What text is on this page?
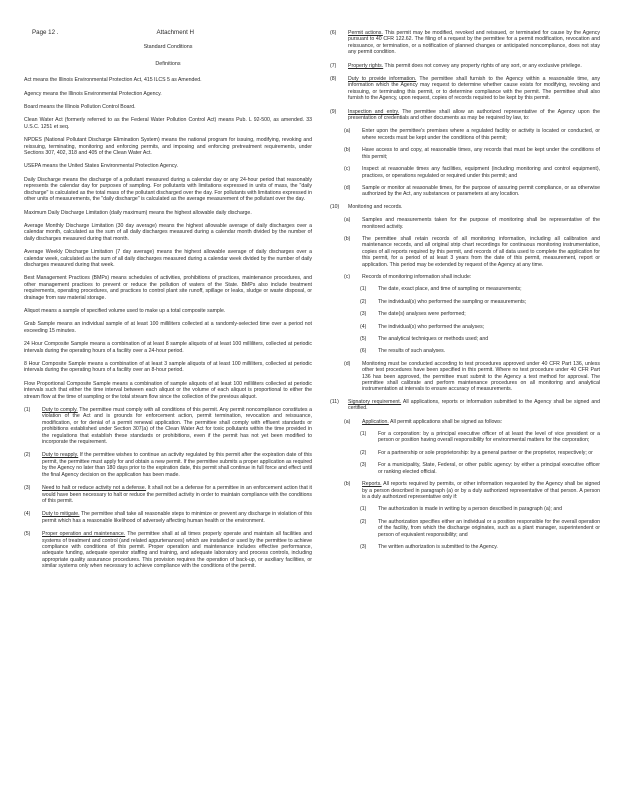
Page 12 .	Attachment H
Standard Conditions
Definitions

Act means the Illinois Environmental Protection Act, 415 ILCS 5 as Amended.

Agency means the Illinois Environmental Protection Agency.

Board means the Illinois Pollution Control Board.

Clean Water Act (formerly referred to as the Federal Water Pollution Control Act) means Pub. L 92-500, as amended. 33 U.S.C. 1251 et seq.

NPDES (National Pollutant Discharge Elimination System) means the national program for issuing, modifying, revoking and reissuing, terminating, monitoring and enforcing permits, and imposing and enforcing pretreatment requirements, under Sections 307, 402, 318 and 405 of the Clean Water Act.

USEPA means the United States Environmental Protection Agency.

Daily Discharge means the discharge of a pollutant measured during a calendar day or any 24-hour period that reasonably represents the calendar day for purposes of sampling. For pollutants with limitations expressed in units of mass, the "daily discharge" is calculated as the total mass of the pollutant discharged over the day. For pollutants with limitations expressed in other units of measurements, the "daily discharge" is calculated as the average measurement of the pollutant over the day.

Maximum Daily Discharge Limitation (daily maximum) means the highest allowable daily discharge.

Average Monthly Discharge Limitation (30 day average) means the highest allowable average of daily discharges over a calendar month, calculated as the sum of all daily discharges measured during a calendar month divided by the number of daily discharges measured during that month.

Average Weekly Discharge Limitation (7 day average) means the highest allowable average of daily discharges over a calendar week, calculated as the sum of all daily discharges measured during a calendar week divided by the number of daily discharges measured during that week.

Best Management Practices (BMPs) means schedules of activities, prohibitions of practices, maintenance procedures, and other management practices to prevent or reduce the pollution of waters of the State. BMPs also include treatment requirements, operating procedures, and practices to control plant site runoff, spillage or leaks, sludge or waste disposal, or drainage from raw material storage.

Aliquot means a sample of specified volume used to make up a total composite sample.

Grab Sample means an individual sample of at least 100 milliliters collected at a randomly-selected time over a period not exceeding 15 minutes.

24 Hour Composite Sample means a combination of at least 8 sample aliquots of at least 100 milliliters, collected at periodic intervals during the operating hours of a facility over a 24-hour period.

8 Hour Composite Sample means a combination of at least 3 sample aliquots of at least 100 milliliters, collected at periodic intervals during the operating hours of a facility over an 8-hour period.

Flow Proportional Composite Sample means a combination of sample aliquots of at least 100 milliliters collected at periodic intervals such that either the time interval between each aliquot or the volume of each aliquot is proportional to either the stream flow at the time of sampling or the total stream flow since the collection of the previous aliquot.

(1)	Duty to comply. The permittee must comply with all conditions of this permit. Any permit noncompliance constitutes a violation of the Act and is grounds for enforcement action, permit termination, revocation and reissuance, modification, or for denial of a permit renewal application. The permittee shall comply with effluent standards or prohibitions established under Section 307(a) of the Clean Water Act for toxic pollutants within the time provided in the regulations that establish these standards or prohibitions, even if the permit has not yet been modified to incorporate the requirement.
(2)	Duty to reapply. If the permittee wishes to continue an activity regulated by this permit after the expiration date of this permit, the permittee must apply for and obtain a new permit. If the permittee submits a proper application as required by the Agency no later than 180 days prior to the expiration date, this permit shall continue in full force and effect until the final Agency decision on the application has been made.
(3)	Need to halt or reduce activity not a defense. It shall not be a defense for a permittee in an enforcement action that it would have been necessary to halt or reduce the permitted activity in order to maintain compliance with the conditions of this permit.
(4)	Duty to mitigate. The permittee shall take all reasonable steps to minimize or prevent any discharge in violation of this permit which has a reasonable likelihood of adversely affecting human health or the environment.
(5)	Proper operation and maintenance. The permittee shall at all times properly operate and maintain all facilities and systems of treatment and control (and related appurtenances) which are installed or used by the permittee to achieve compliance with conditions of this permit. Proper operation and maintenance includes effective performance, adequate funding, adequate operator staffing and training, and adequate laboratory and process controls, including appropriate quality assurance procedures. This provision requires the operation of back-up, or auxiliary facilities, or similar systems only when necessary to achieve compliance with the conditions of the permit.
(6)	Permit actions. This permit may be modified, revoked and reissued, or terminated for cause by the Agency pursuant to 40 CFR 122.62. The filing of a request by the permittee for a permit modification, revocation and reissuance, or termination, or a notification of planned changes or anticipated noncompliance, does not stay any permit condition.
(7)	Property rights. This permit does not convey any property rights of any sort, or any exclusive privilege.
(8)	Duty to provide information. The permittee shall furnish to the Agency within a reasonable time, any information which the Agency may request to determine whether cause exists for modifying, revoking and reissuing, or terminating this permit, or to determine compliance with the permit. The permittee shall also furnish to the Agency, upon request, copies of records required to be kept by this permit.
(9)	Inspection and entry. The permittee shall allow an authorized representative of the Agency upon the presentation of credentials and other documents as may be required by law, to:
(a)	Enter upon the permittee's premises where a regulated facility or activity is located or conducted, or where records must be kept under the conditions of this permit;
(b)	Have access to and copy, at reasonable times, any records that must be kept under the conditions of this permit;
(c)	Inspect at reasonable times any facilities, equipment (including monitoring and control equipment), practices, or operations regulated or required under this permit; and
(d)	Sample or monitor at reasonable times, for the purpose of assuring permit compliance, or as otherwise authorized by the Act, any substances or parameters at any location.
(10)	Monitoring and records.
(a)	Samples and measurements taken for the purpose of monitoring shall be representative of the monitored activity.
(b)	The permittee shall retain records of all monitoring information, including all calibration and maintenance records, and all original strip chart recordings for continuous monitoring instrumentation, copies of all reports required by this permit, and records of all data used to complete the application for this permit, for a period of at least 3 years from the date of this permit, measurement, report or application. This period may be extended by request of the Agency at any time.
(c)	Records of monitoring information shall include:
(1)	The date, exact place, and time of sampling or measurements;
(2)	The individual(s) who performed the sampling or measurements;
(3)	The date(s) analyses were performed;
(4)	The individual(s) who performed the analyses;
(5)	The analytical techniques or methods used; and
(6)	The results of such analyses.
(d)	Monitoring must be conducted according to test procedures approved under 40 CFR Part 136, unless other test procedures have been specified in this permit. Where no test procedure under 40 CFR Part 136 has been approved, the permittee must submit to the Agency a test method for approval. The permittee shall calibrate and perform maintenance procedures on all monitoring and analytical instrumentation at intervals to ensure accuracy of measurements.
(11)	Signatory requirement. All applications, reports or information submitted to the Agency shall be signed and certified.
(a)	Application. All permit applications shall be signed as follows:
(1)	For a corporation: by a principal executive officer of at least the level of vice president or a person or position having overall responsibility for environmental matters for the corporation;
(2)	For a partnership or sole proprietorship: by a general partner or the proprietor, respectively; or
(3)	For a municipality, State, Federal, or other public agency: by either a principal executive officer or ranking elected official.
(b)	Reports. All reports required by permits, or other information requested by the Agency shall be signed by a person described in paragraph (a) or by a duly authorized representative of that person. A person is a duly authorized representative only if:
(1)	The authorization is made in writing by a person described in paragraph (a); and
(2)	The authorization specifies either an individual or a position responsible for the overall operation of the facility, from which the discharge originates, such as a plant manager, superintendent or person of equivalent responsibility; and
(3)	The written authorization is submitted to the Agency.
